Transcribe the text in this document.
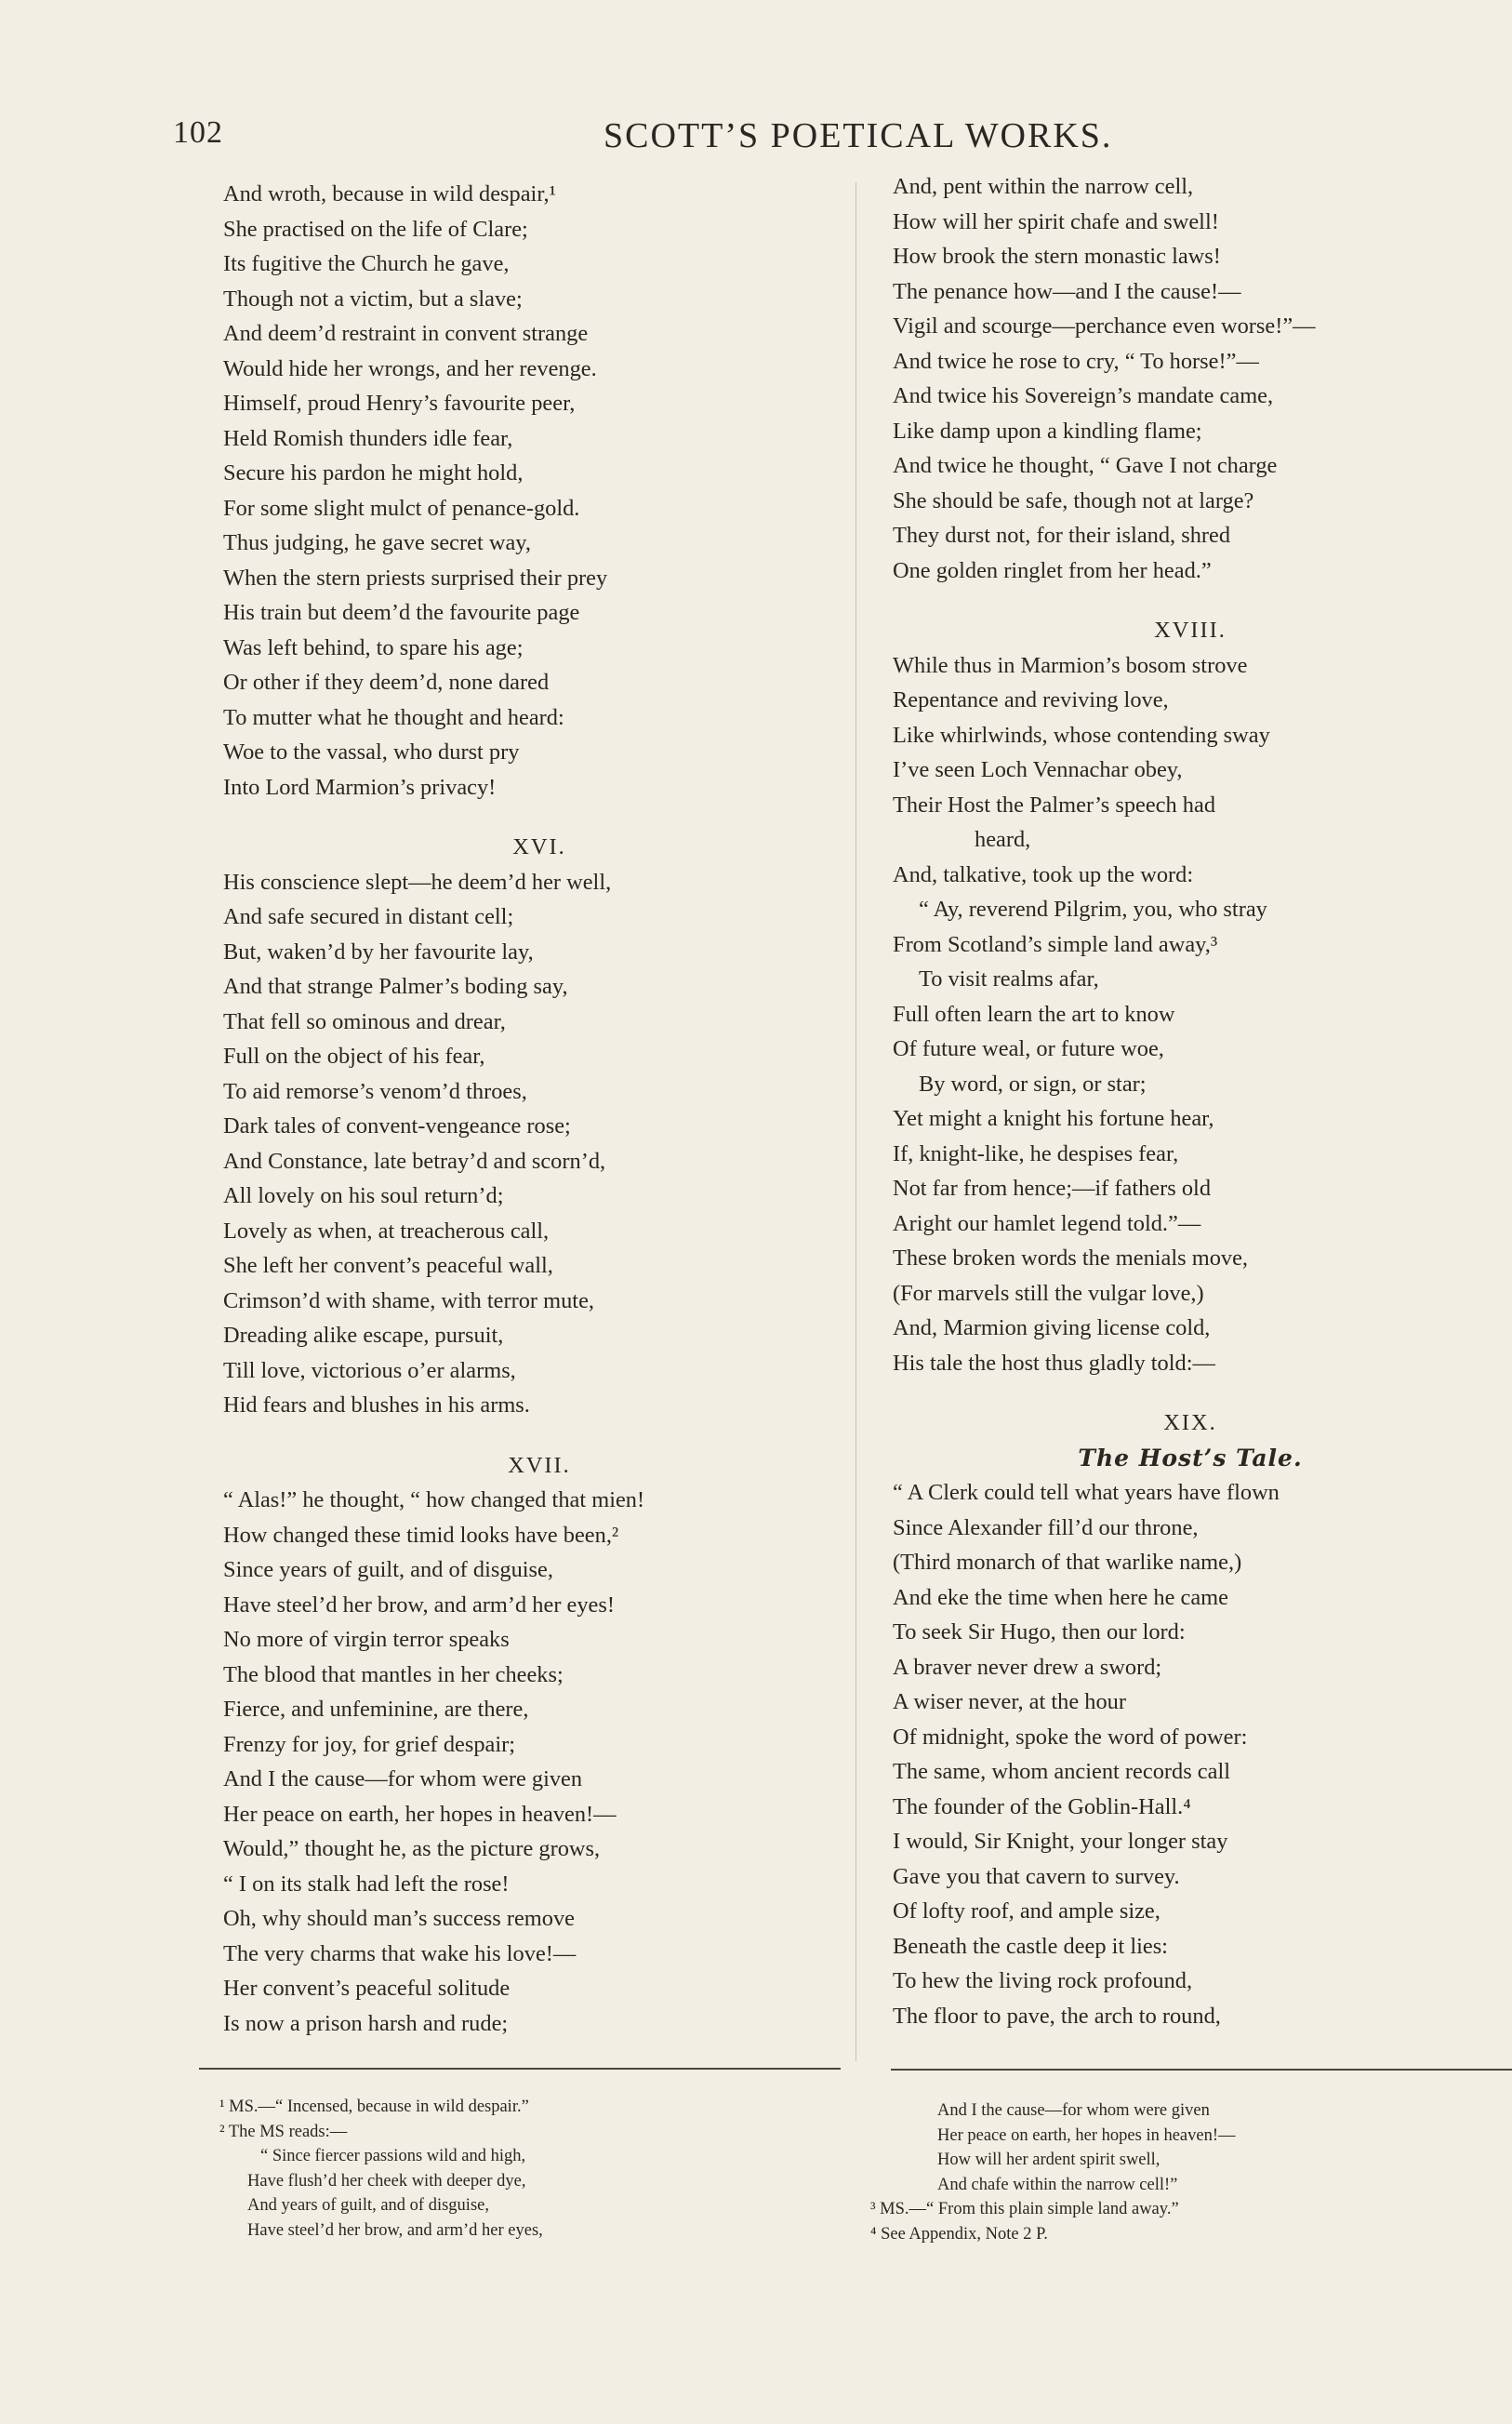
102	SCOTT’S POETICAL WORKS.
And wroth, because in wild despair,¹
She practised on the life of Clare;
Its fugitive the Church he gave,
Though not a victim, but a slave;
And deem’d restraint in convent strange
Would hide her wrongs, and her revenge.
Himself, proud Henry’s favourite peer,
Held Romish thunders idle fear,
Secure his pardon he might hold,
For some slight mulct of penance-gold.
Thus judging, he gave secret way,
When the stern priests surprised their prey
His train but deem’d the favourite page
Was left behind, to spare his age;
Or other if they deem’d, none dared
To mutter what he thought and heard:
Woe to the vassal, who durst pry
Into Lord Marmion’s privacy!
XVI.
His conscience slept—he deem’d her well,
And safe secured in distant cell;
But, waken’d by her favourite lay,
And that strange Palmer’s boding say,
That fell so ominous and drear,
Full on the object of his fear,
To aid remorse’s venom’d throes,
Dark tales of convent-vengeance rose;
And Constance, late betray’d and scorn’d,
All lovely on his soul return’d;
Lovely as when, at treacherous call,
She left her convent’s peaceful wall,
Crimson’d with shame, with terror mute,
Dreading alike escape, pursuit,
Till love, victorious o’er alarms,
Hid fears and blushes in his arms.
XVII.
“ Alas!” he thought, “ how changed that mien!
How changed these timid looks have been,²
Since years of guilt, and of disguise,
Have steel’d her brow, and arm’d her eyes!
No more of virgin terror speaks
The blood that mantles in her cheeks;
Fierce, and unfeminine, are there,
Frenzy for joy, for grief despair;
And I the cause—for whom were given
Her peace on earth, her hopes in heaven!—
Would,” thought he, as the picture grows,
“ I on its stalk had left the rose!
Oh, why should man’s success remove
The very charms that wake his love!—
Her convent’s peaceful solitude
Is now a prison harsh and rude;
And, pent within the narrow cell,
How will her spirit chafe and swell!
How brook the stern monastic laws!
The penance how—and I the cause!—
Vigil and scourge—perchance even worse!”—
And twice he rose to cry, “ To horse!”—
And twice his Sovereign’s mandate came,
Like damp upon a kindling flame;
And twice he thought, “ Gave I not charge
She should be safe, though not at large?
They durst not, for their island, shred
One golden ringlet from her head.”
XVIII.
While thus in Marmion’s bosom strove
Repentance and reviving love,
Like whirlwinds, whose contending sway
I’ve seen Loch Vennachar obey,
Their Host the Palmer’s speech had
heard,
And, talkative, took up the word:
“ Ay, reverend Pilgrim, you, who stray
From Scotland’s simple land away,³
To visit realms afar,
Full often learn the art to know
Of future weal, or future woe,
By word, or sign, or star;
Yet might a knight his fortune hear,
If, knight-like, he despises fear,
Not far from hence;—if fathers old
Aright our hamlet legend told.”—
These broken words the menials move,
(For marvels still the vulgar love,)
And, Marmion giving license cold,
His tale the host thus gladly told:—
XIX.
The Host’s Tale.
“ A Clerk could tell what years have flown
Since Alexander fill’d our throne,
(Third monarch of that warlike name,)
And eke the time when here he came
To seek Sir Hugo, then our lord:
A braver never drew a sword;
A wiser never, at the hour
Of midnight, spoke the word of power:
The same, whom ancient records call
The founder of the Goblin-Hall.⁴
I would, Sir Knight, your longer stay
Gave you that cavern to survey.
Of lofty roof, and ample size,
Beneath the castle deep it lies:
To hew the living rock profound,
The floor to pave, the arch to round,
¹ MS.—“ Incensed, because in wild despair.”
² The MS reads:—
“ Since fiercer passions wild and high,
Have flush’d her cheek with deeper dye,
And years of guilt, and of disguise,
Have steel’d her brow, and arm’d her eyes,
And I the cause—for whom were given
Her peace on earth, her hopes in heaven!—
How will her ardent spirit swell,
And chafe within the narrow cell!”
³ MS.—“ From this plain simple land away.”
⁴ See Appendix, Note 2 P.
